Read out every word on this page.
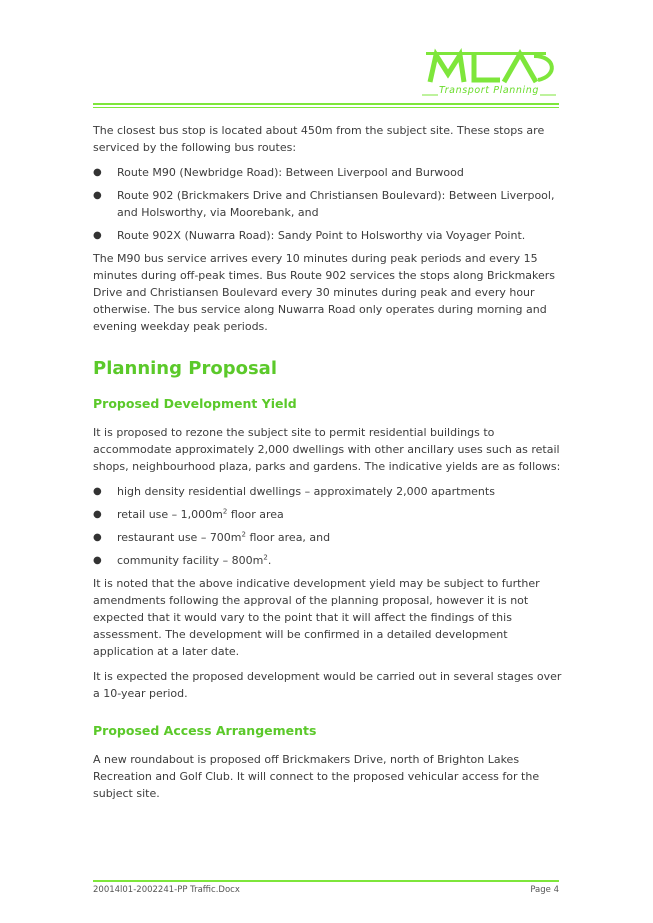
MLA
Transport Planning

The closest bus stop is located about 450m from the subject site. These stops are serviced by the following bus routes:

● Route M90 (Newbridge Road): Between Liverpool and Burwood
● Route 902 (Brickmakers Drive and Christiansen Boulevard): Between Liverpool, and Holsworthy, via Moorebank, and
● Route 902X (Nuwarra Road): Sandy Point to Holsworthy via Voyager Point.

The M90 bus service arrives every 10 minutes during peak periods and every 15 minutes during off-peak times. Bus Route 902 services the stops along Brickmakers Drive and Christiansen Boulevard every 30 minutes during peak and every hour otherwise. The bus service along Nuwarra Road only operates during morning and evening weekday peak periods.

Planning Proposal
Proposed Development Yield

It is proposed to rezone the subject site to permit residential buildings to accommodate approximately 2,000 dwellings with other ancillary uses such as retail shops, neighbourhood plaza, parks and gardens. The indicative yields are as follows:

● high density residential dwellings – approximately 2,000 apartments
● retail use – $1,000m^2$ floor area
● restaurant use – $700m^2$ floor area, and
● community facility – $800m^2$.

It is noted that the above indicative development yield may be subject to further amendments following the approval of the planning proposal, however it is not expected that it would vary to the point that it will affect the findings of this assessment. The development will be confirmed in a detailed development application at a later date.

It is expected the proposed development would be carried out in several stages over a 10-year period.

Proposed Access Arrangements

A new roundabout is proposed off Brickmakers Drive, north of Brighton Lakes Recreation and Golf Club. It will connect to the proposed vehicular access for the subject site.

20014l01-2002241-PP Traffic.Docx	Page 4
